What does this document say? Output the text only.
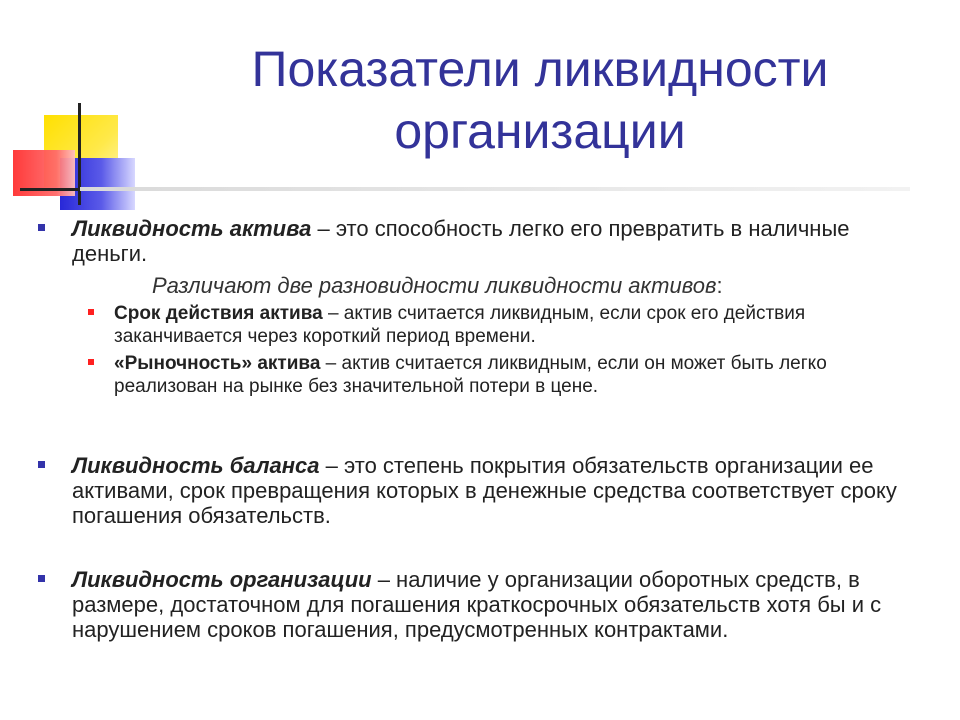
Показатели ликвидности организации
Ликвидность актива – это способность легко его превратить в наличные деньги.
Различают две разновидности ликвидности активов:
Срок действия актива – актив считается ликвидным, если срок его действия заканчивается через короткий период времени.
«Рыночность» актива – актив считается ликвидным, если он может быть легко реализован на рынке без значительной потери в цене.
Ликвидность баланса – это степень покрытия обязательств организации ее активами, срок превращения которых в денежные средства соответствует сроку погашения обязательств.
Ликвидность организации – наличие у организации оборотных средств, в размере, достаточном для погашения краткосрочных обязательств хотя бы и с нарушением сроков погашения, предусмотренных контрактами.
